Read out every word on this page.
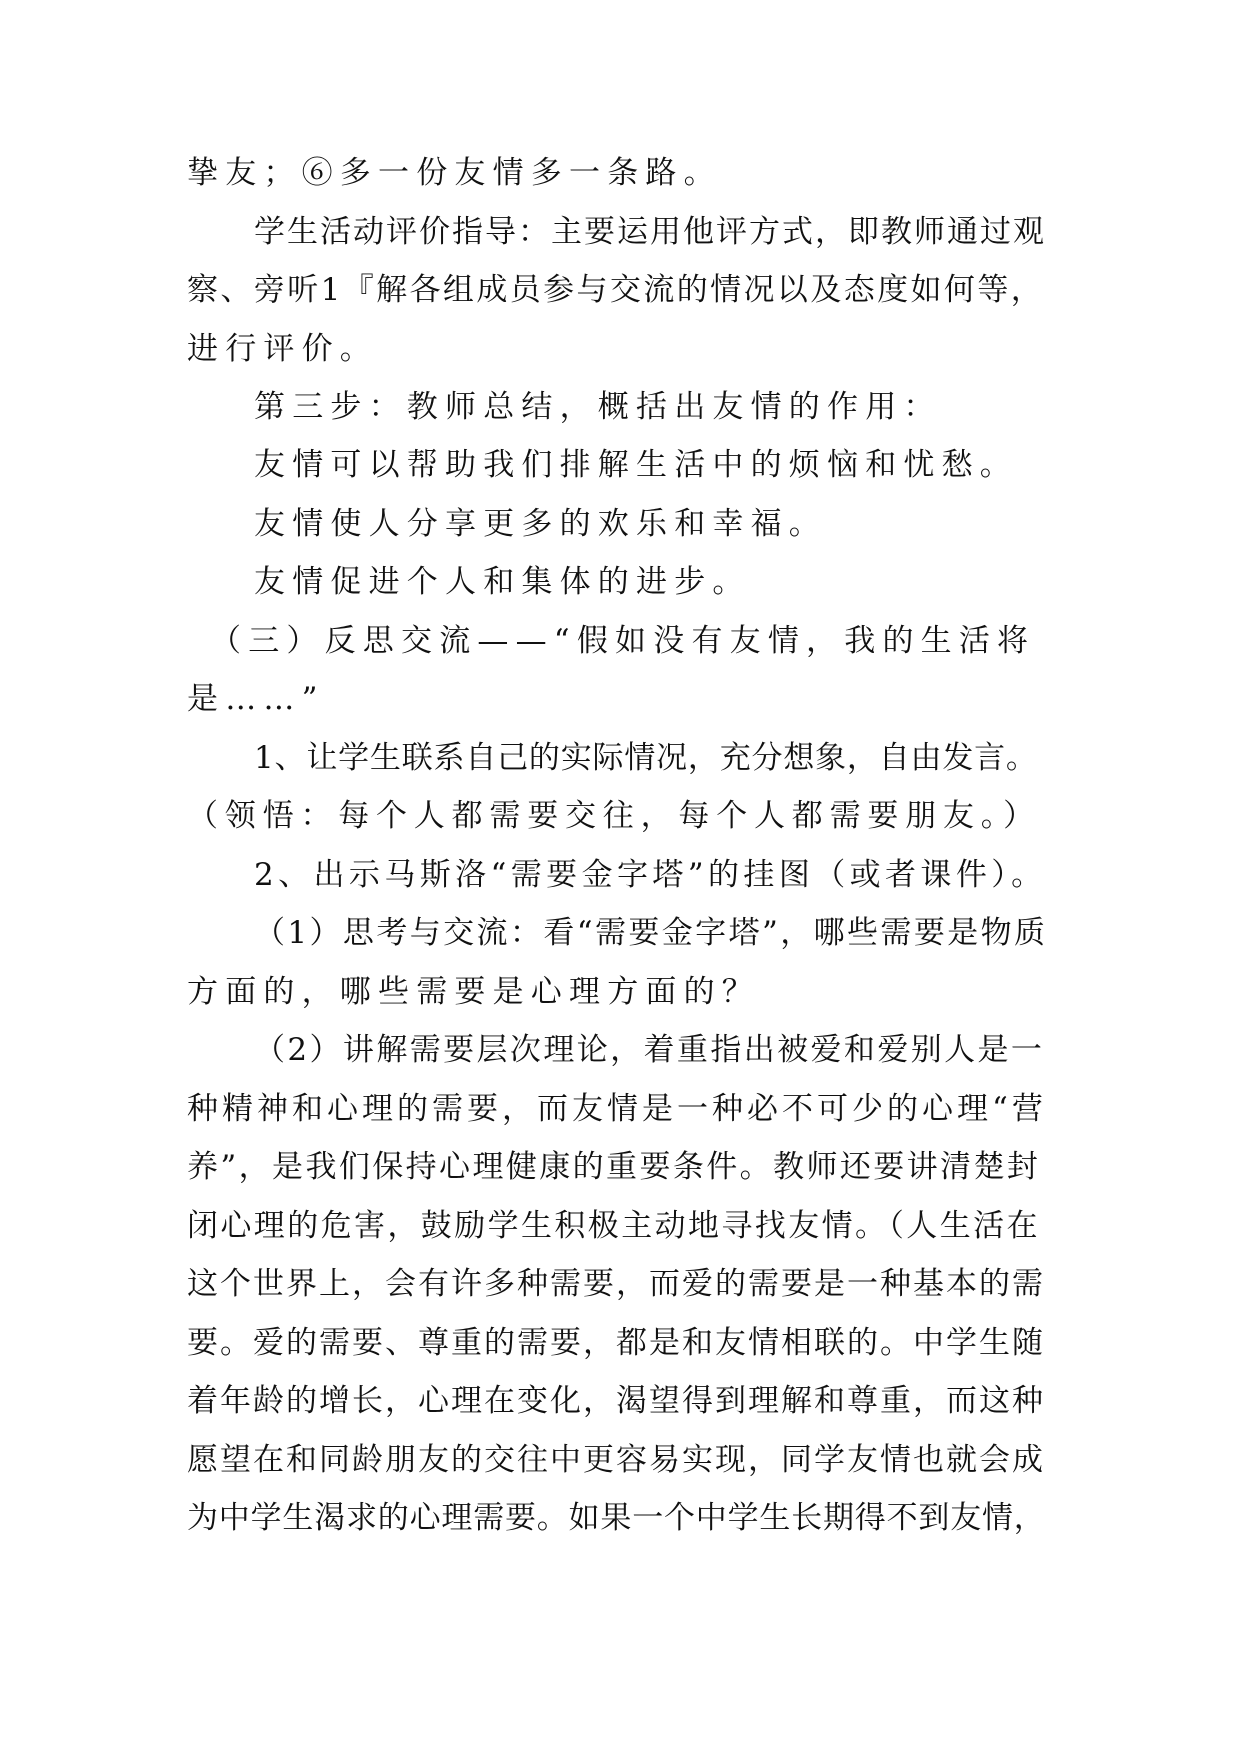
挚友；⑥多一份友情多一条路。
学生活动评价指导：主要运用他评方式，即教师通过观
察、旁听1『解各组成员参与交流的情况以及态度如何等，
进行评价。
第三步：教师总结，概括出友情的作用：
友情可以帮助我们排解生活中的烦恼和忧愁。
友情使人分享更多的欢乐和幸福。
友情促进个人和集体的进步。
（三）反思交流——“假如没有友情，我的生活将
是……”
1、让学生联系自己的实际情况，充分想象，自由发言。
（领悟：每个人都需要交往，每个人都需要朋友。）
2、出示马斯洛“需要金字塔”的挂图（或者课件）。
（1）思考与交流：看“需要金字塔”，哪些需要是物质
方面的，哪些需要是心理方面的？
（2）讲解需要层次理论，着重指出被爱和爱别人是一
种精神和心理的需要，而友情是一种必不可少的心理“营
养”，是我们保持心理健康的重要条件。教师还要讲清楚封
闭心理的危害，鼓励学生积极主动地寻找友情。（人生活在
这个世界上，会有许多种需要，而爱的需要是一种基本的需
要。爱的需要、尊重的需要，都是和友情相联的。中学生随
着年龄的增长，心理在变化，渴望得到理解和尊重，而这种
愿望在和同龄朋友的交往中更容易实现，同学友情也就会成
为中学生渴求的心理需要。如果一个中学生长期得不到友情，
